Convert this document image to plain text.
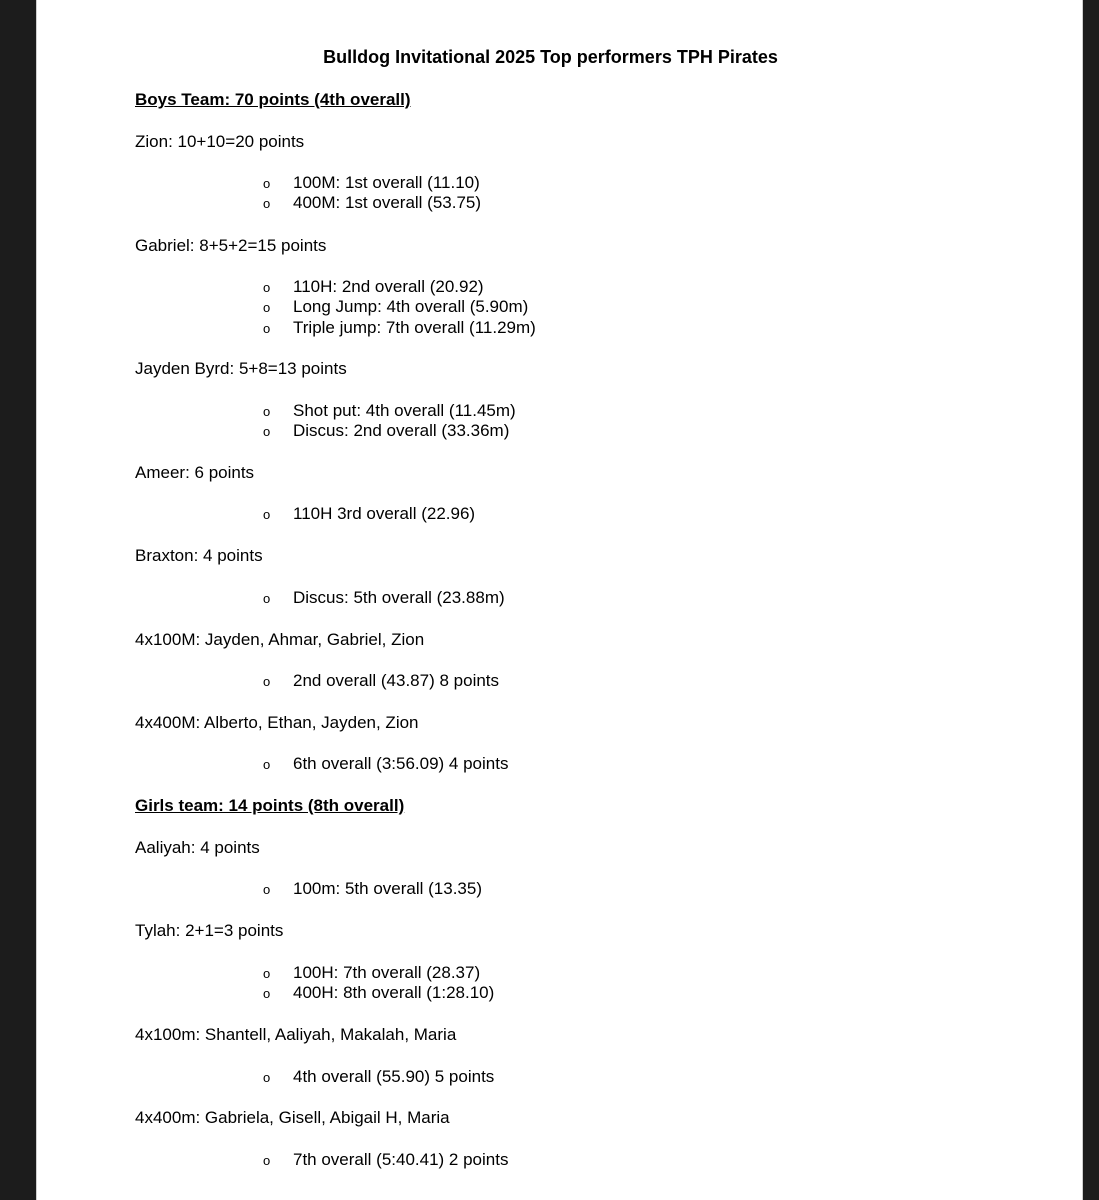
Bulldog Invitational 2025 Top performers TPH Pirates
Boys Team: 70 points (4th overall)
Zion: 10+10=20 points
o 100M: 1st overall (11.10)
o 400M: 1st overall (53.75)
Gabriel: 8+5+2=15 points
o 110H: 2nd overall (20.92)
o Long Jump: 4th overall (5.90m)
o Triple jump: 7th overall (11.29m)
Jayden Byrd: 5+8=13 points
o Shot put: 4th overall (11.45m)
o Discus: 2nd overall (33.36m)
Ameer: 6 points
o 110H 3rd overall (22.96)
Braxton: 4 points
o Discus: 5th overall (23.88m)
4x100M: Jayden, Ahmar, Gabriel, Zion
o 2nd overall (43.87) 8 points
4x400M: Alberto, Ethan, Jayden, Zion
o 6th overall (3:56.09) 4 points
Girls team: 14 points (8th overall)
Aaliyah: 4 points
o 100m: 5th overall (13.35)
Tylah: 2+1=3 points
o 100H: 7th overall (28.37)
o 400H: 8th overall (1:28.10)
4x100m: Shantell, Aaliyah, Makalah, Maria
o 4th overall (55.90) 5 points
4x400m: Gabriela, Gisell, Abigail H, Maria
o 7th overall (5:40.41) 2 points
